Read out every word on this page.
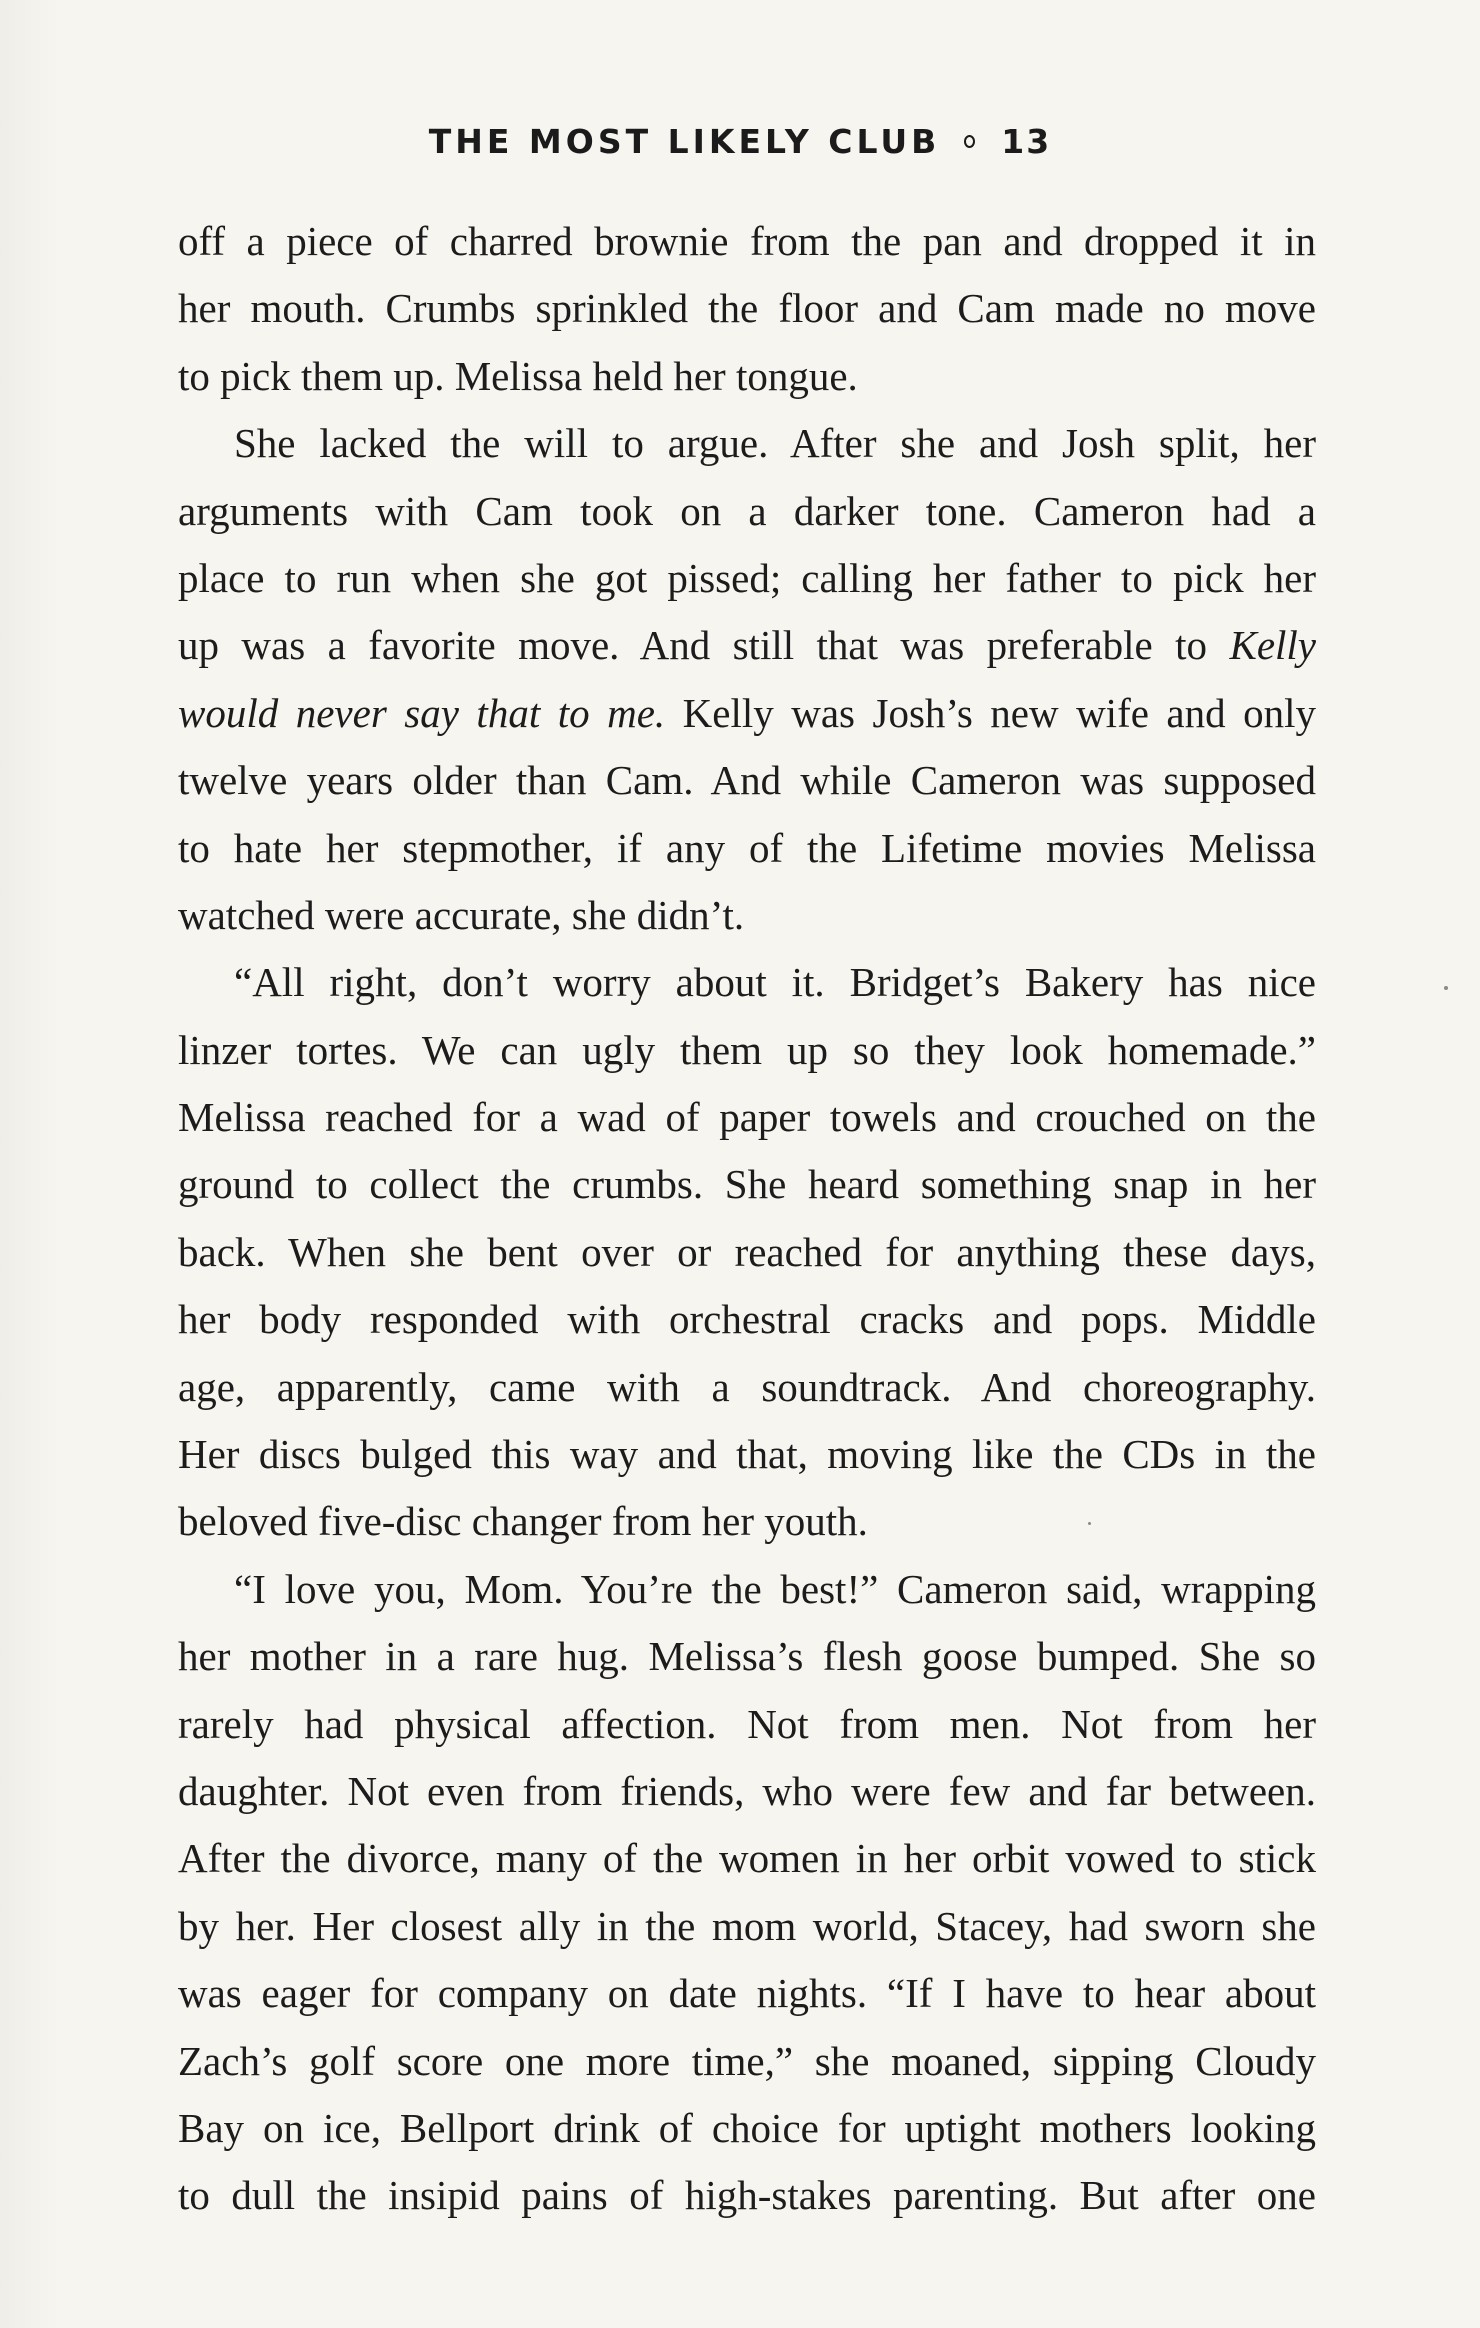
THE MOST LIKELY CLUB 13
off a piece of charred brownie from the pan and dropped it in
her mouth. Crumbs sprinkled the floor and Cam made no move
to pick them up. Melissa held her tongue.
She lacked the will to argue. After she and Josh split, her
arguments with Cam took on a darker tone. Cameron had a
place to run when she got pissed; calling her father to pick her
up was a favorite move. And still that was preferable to Kelly
would never say that to me. Kelly was Josh’s new wife and only
twelve years older than Cam. And while Cameron was supposed
to hate her stepmother, if any of the Lifetime movies Melissa
watched were accurate, she didn’t.
“All right, don’t worry about it. Bridget’s Bakery has nice
linzer tortes. We can ugly them up so they look homemade.”
Melissa reached for a wad of paper towels and crouched on the
ground to collect the crumbs. She heard something snap in her
back. When she bent over or reached for anything these days,
her body responded with orchestral cracks and pops. Middle
age, apparently, came with a soundtrack. And choreography.
Her discs bulged this way and that, moving like the CDs in the
beloved five-disc changer from her youth.
“I love you, Mom. You’re the best!” Cameron said, wrapping
her mother in a rare hug. Melissa’s flesh goose bumped. She so
rarely had physical affection. Not from men. Not from her
daughter. Not even from friends, who were few and far between.
After the divorce, many of the women in her orbit vowed to stick
by her. Her closest ally in the mom world, Stacey, had sworn she
was eager for company on date nights. “If I have to hear about
Zach’s golf score one more time,” she moaned, sipping Cloudy
Bay on ice, Bellport drink of choice for uptight mothers looking
to dull the insipid pains of high-stakes parenting. But after one
